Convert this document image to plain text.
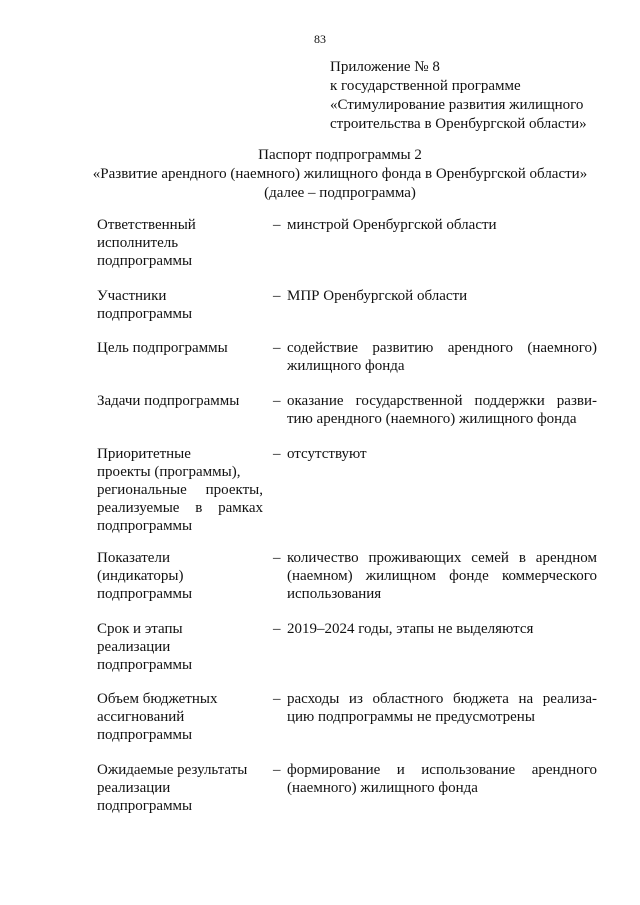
83
Приложение № 8
к государственной программе
«Стимулирование развития жилищного
строительства в Оренбургской области»
Паспорт подпрограммы 2
«Развитие арендного (наемного) жилищного фонда в Оренбургской области»
(далее – подпрограмма)
Ответственный
исполнитель
подпрограммы
– минстрой Оренбургской области
Участники
подпрограммы
– МПР Оренбургской области
Цель подпрограммы	– содействие развитию арендного (наемного)
жилищного фонда
Задачи подпрограммы	– оказание государственной поддержки разви-
тию арендного (наемного) жилищного фонда
Приоритетные
проекты (программы),
региональные проекты,
реализуемые в рамках
подпрограммы
– отсутствуют
Показатели
(индикаторы)
подпрограммы
– количество проживающих семей в арендном
(наемном) жилищном фонде коммерческого
использования
Срок и этапы
реализации
подпрограммы
– 2019–2024 годы, этапы не выделяются
Объем бюджетных
ассигнований
подпрограммы
– расходы из областного бюджета на реализа-
цию подпрограммы не предусмотрены
Ожидаемые результаты
реализации
подпрограммы
– формирование и использование арендного
(наемного) жилищного фонда
